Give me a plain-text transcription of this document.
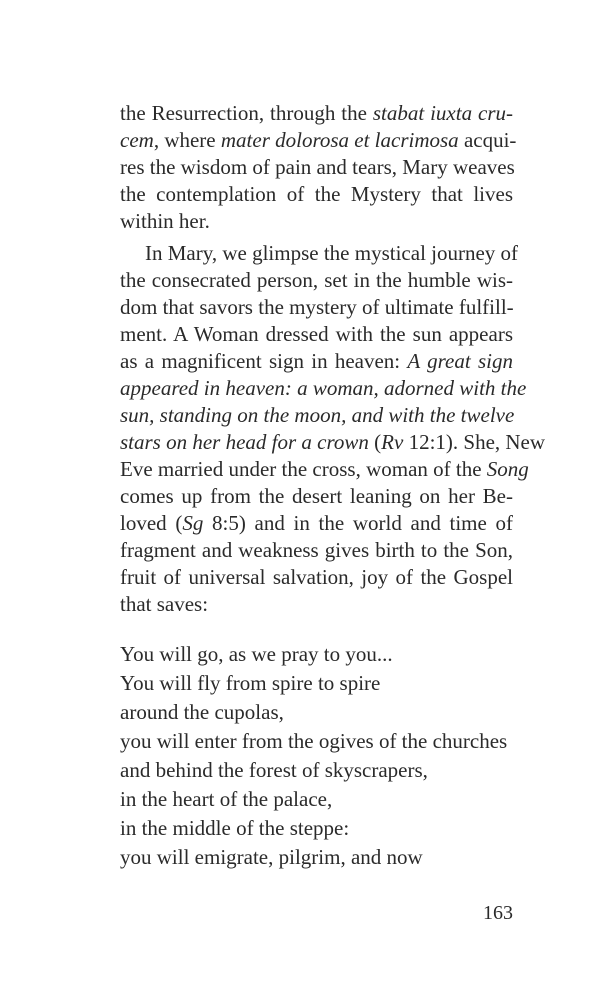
the Resurrection, through the stabat iuxta cru-
cem, where mater dolorosa et lacrimosa acqui-
res the wisdom of pain and tears, Mary weaves
the contemplation of the Mystery that lives
within her.
In Mary, we glimpse the mystical journey of
the consecrated person, set in the humble wis-
dom that savors the mystery of ultimate fulfill-
ment. A Woman dressed with the sun appears
as a magnificent sign in heaven: A great sign
appeared in heaven: a woman, adorned with the
sun, standing on the moon, and with the twelve
stars on her head for a crown (Rv 12:1). She, New
Eve married under the cross, woman of the Song
comes up from the desert leaning on her Be-
loved (Sg 8:5) and in the world and time of
fragment and weakness gives birth to the Son,
fruit of universal salvation, joy of the Gospel
that saves:
You will go, as we pray to you...
You will fly from spire to spire
around the cupolas,
you will enter from the ogives of the churches
and behind the forest of skyscrapers,
in the heart of the palace,
in the middle of the steppe:
you will emigrate, pilgrim, and now
163
